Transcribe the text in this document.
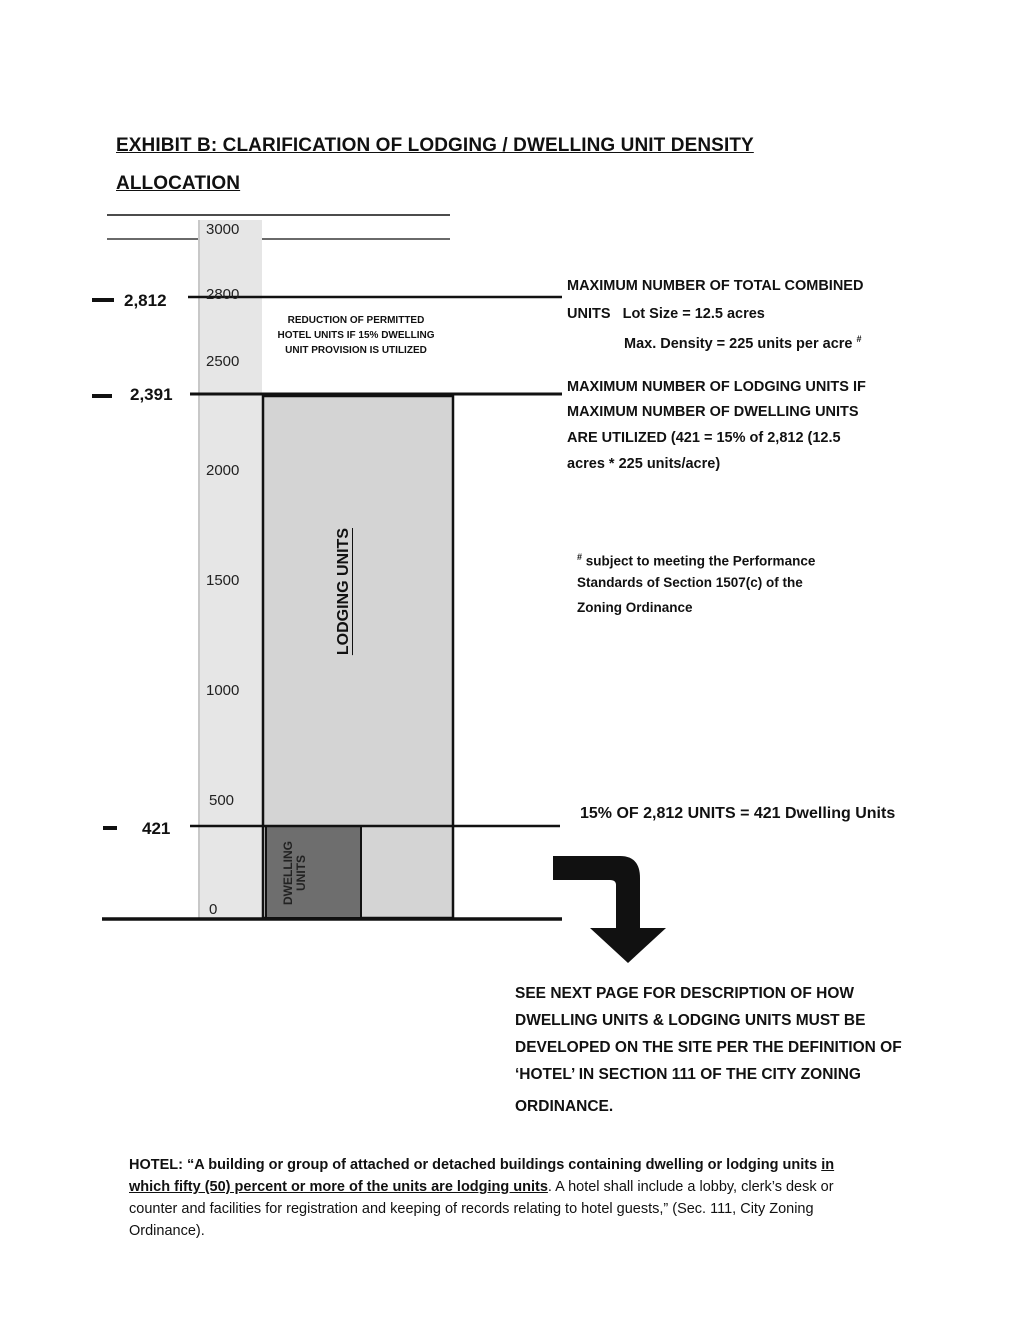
EXHIBIT B: CLARIFICATION OF LODGING / DWELLING UNIT DENSITY
ALLOCATION
3000
2800
2500
2000
1500
1000
500
0
2,812
2,391
421
REDUCTION OF PERMITTED HOTEL UNITS IF 15% DWELLING UNIT PROVISION IS UTILIZED
LODGING UNITS
DWELLING UNITS
MAXIMUM NUMBER OF TOTAL COMBINED
UNITS   Lot Size = 12.5 acres
Max. Density = 225 units per acre #
MAXIMUM NUMBER OF LODGING UNITS IF
MAXIMUM NUMBER OF DWELLING UNITS
ARE UTILIZED (421 = 15% of 2,812 (12.5
acres * 225 units/acre)
# subject to meeting the Performance
Standards of Section 1507(c) of the
Zoning Ordinance
15% OF 2,812 UNITS = 421 Dwelling Units
SEE NEXT PAGE FOR DESCRIPTION OF HOW
DWELLING UNITS & LODGING UNITS MUST BE
DEVELOPED ON THE SITE PER THE DEFINITION OF
‘HOTEL’ IN SECTION 111 OF THE CITY ZONING
ORDINANCE.
HOTEL: “A building or group of attached or detached buildings containing dwelling or lodging units in which fifty (50) percent or more of the units are lodging units. A hotel shall include a lobby, clerk’s desk or counter and facilities for registration and keeping of records relating to hotel guests,” (Sec. 111, City Zoning Ordinance).
